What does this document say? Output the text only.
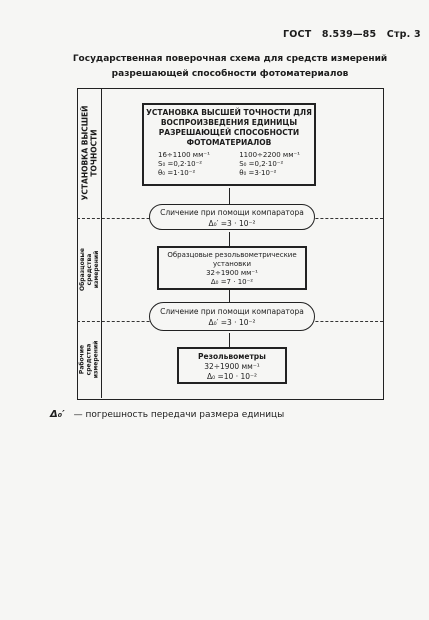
ГОСТ 8.539—85 Стр. 3
Государственная поверочная схема для средств измерений
разрешающей способности фотоматериалов
УСТАНОВКА ВЫСШЕЙ ТОЧНОСТИ
Образцовые средства измерений
Рабочие средства измерений
УСТАНОВКА ВЫСШЕЙ ТОЧНОСТИ ДЛЯ
ВОСПРОИЗВЕДЕНИЯ ЕДИНИЦЫ
РАЗРЕШАЮЩЕЙ СПОСОБНОСТИ
ФОТОМАТЕРИАЛОВ
16÷1100 мм⁻¹
S₀ =0,2·10⁻²
θ₀ =1·10⁻²
1100÷2200 мм⁻¹
S₀ =0,2·10⁻²
θ₀ =3·10⁻²
Сличение при помощи компаратора
Δ₀′ =3 · 10⁻²
Образцовые резольвометрические
установки
32÷1900 мм⁻¹
Δ₀ =7 · 10⁻²
Сличение при помощи компаратора
Δ₀′ =3 · 10⁻²
Резольвометры
32÷1900 мм⁻¹
Δ₀ =10 · 10⁻²
Δ₀′ — погрешность передачи размера единицы
